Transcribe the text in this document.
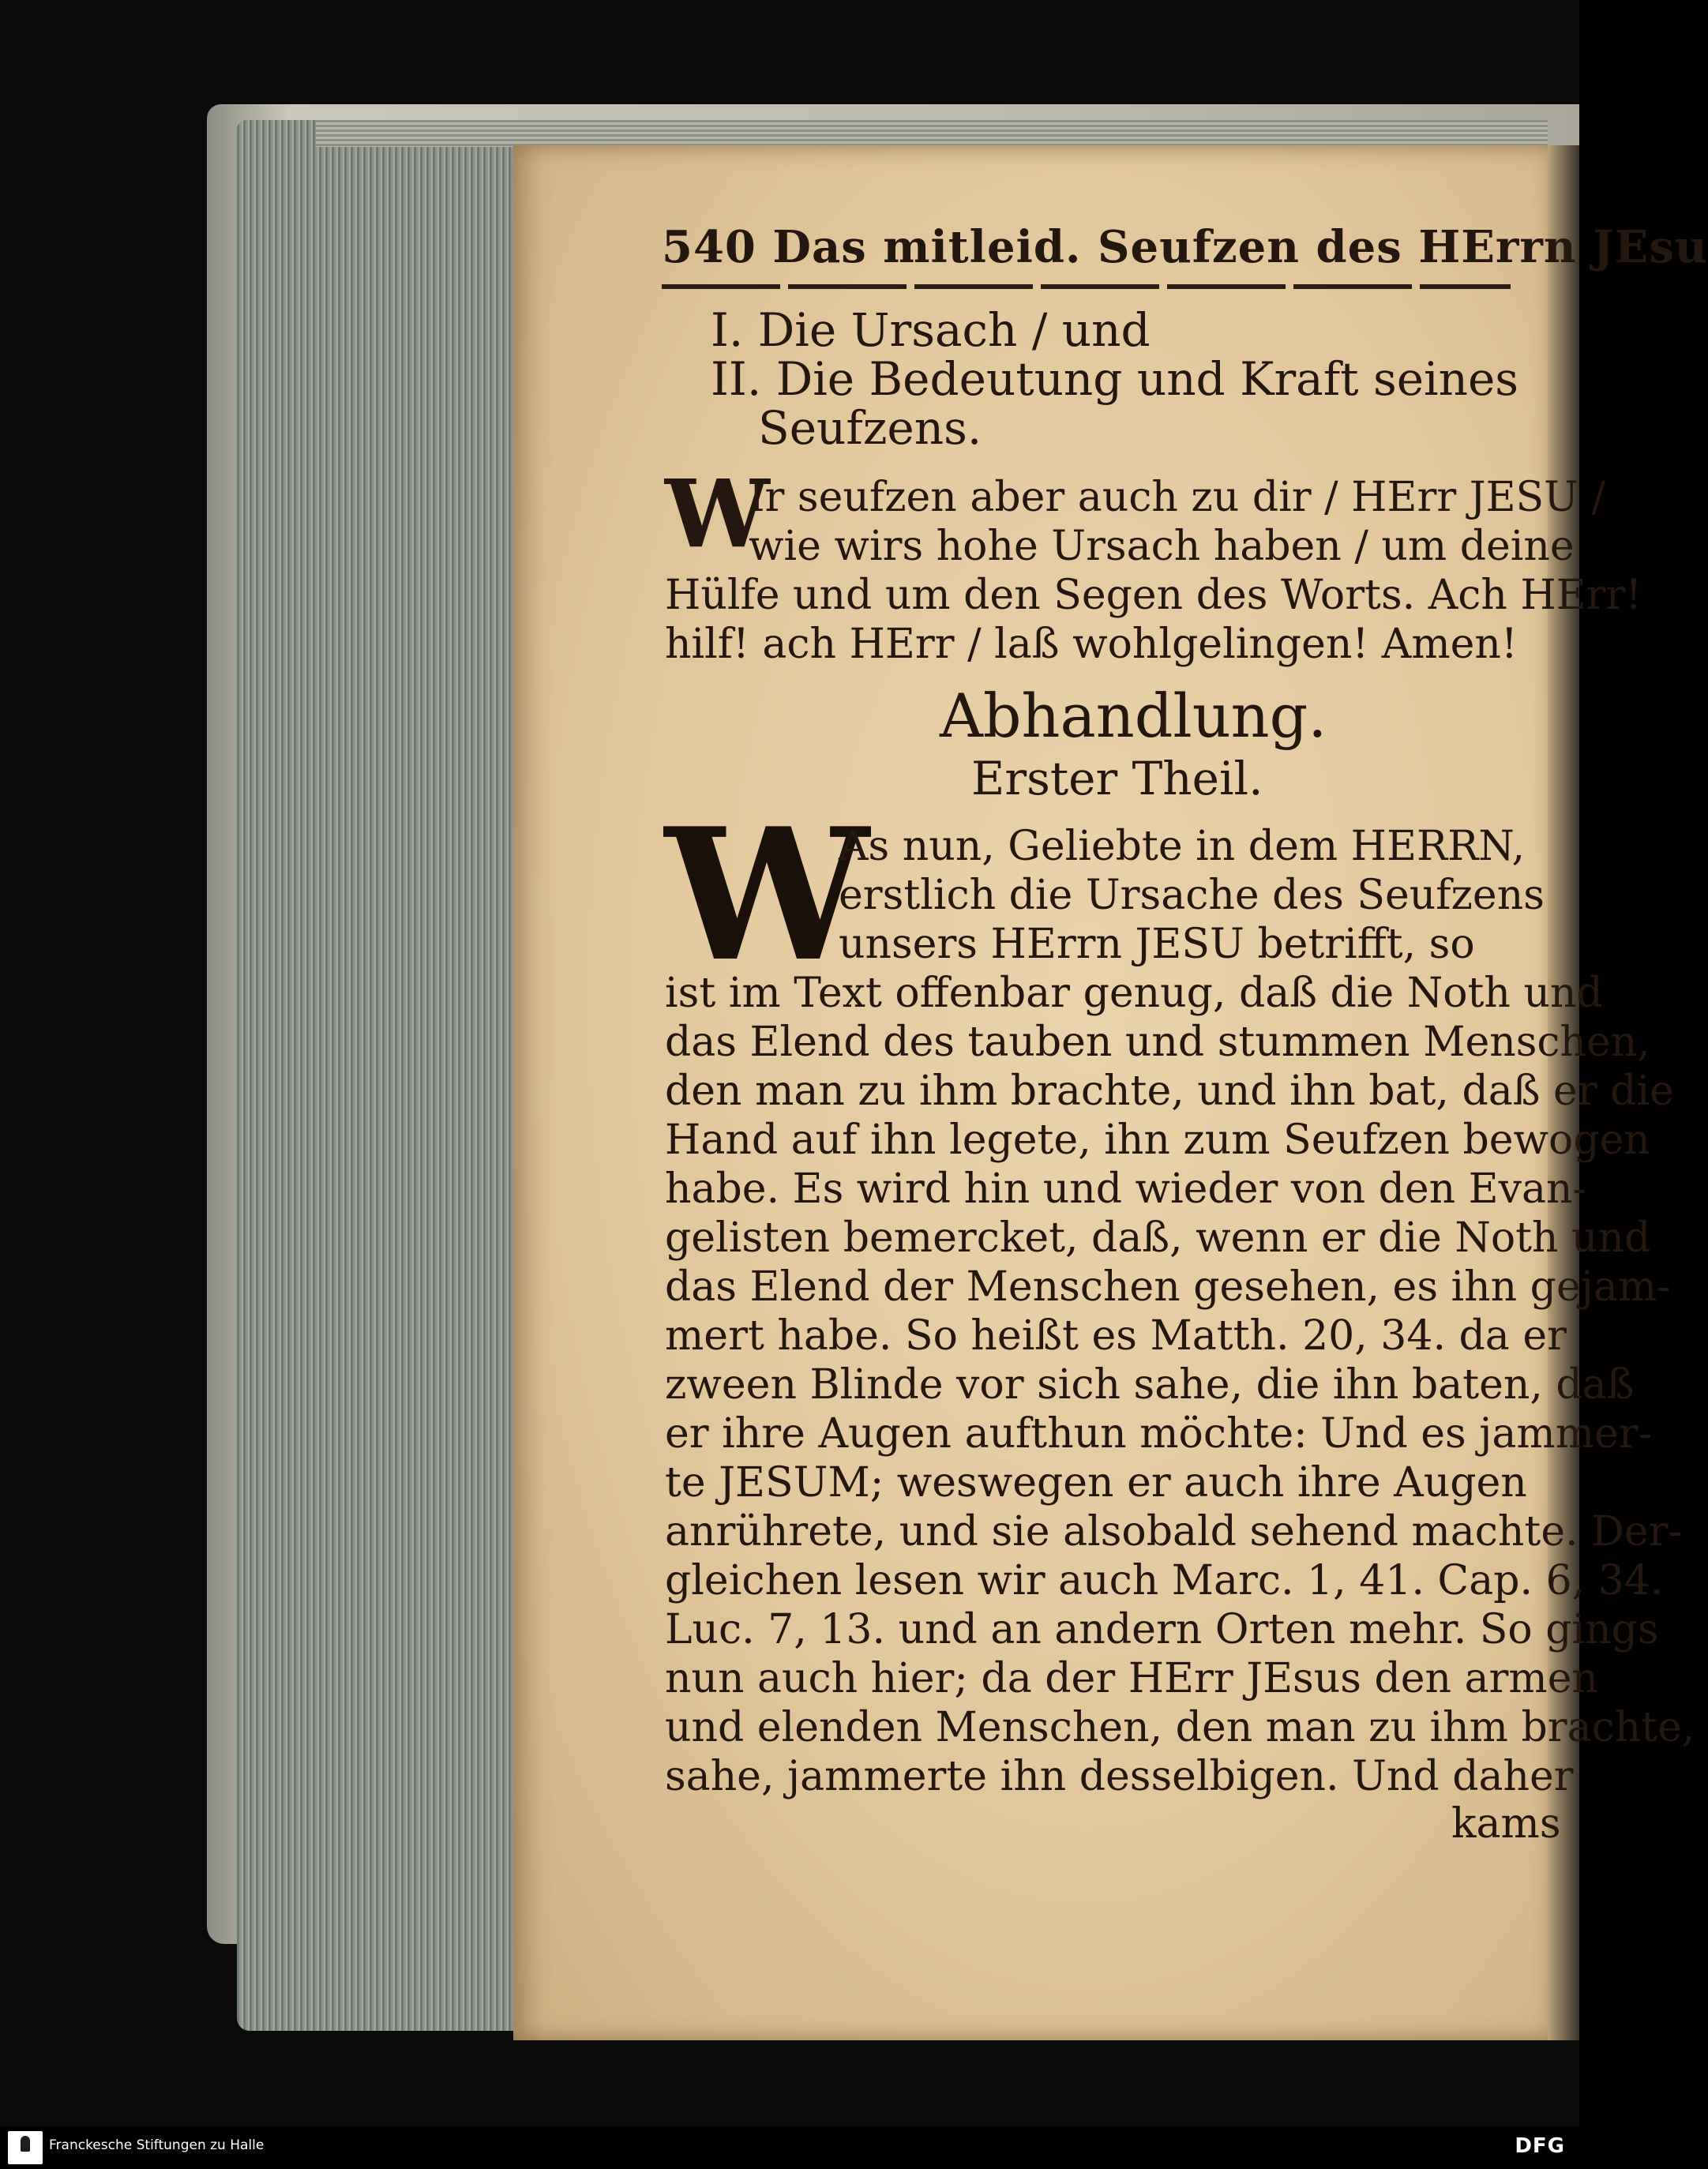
540 Das mitleid. Seufzen des HErrn JEsu
I. Die Ursach / und
II. Die Bedeutung und Kraft seines
Seufzens.
W
Ir seufzen aber auch zu dir / HErr JESU /
wie wirs hohe Ursach haben / um deine
Hülfe und um den Segen des Worts. Ach HErr!
hilf! ach HErr / laß wohlgelingen! Amen!
Abhandlung.
Erster Theil.
W
As nun, Geliebte in dem HERRN,
erstlich die Ursache des Seufzens
unsers HErrn JESU betrifft, so
ist im Text offenbar genug, daß die Noth und
das Elend des tauben und stummen Menschen,
den man zu ihm brachte, und ihn bat, daß er die
Hand auf ihn legete, ihn zum Seufzen bewogen
habe. Es wird hin und wieder von den Evan-
gelisten bemercket, daß, wenn er die Noth und
das Elend der Menschen gesehen, es ihn gejam-
mert habe. So heißt es Matth. 20, 34. da er
zween Blinde vor sich sahe, die ihn baten, daß
er ihre Augen aufthun möchte: Und es jammer-
te JESUM; weswegen er auch ihre Augen
anrührete, und sie alsobald sehend machte. Der-
gleichen lesen wir auch Marc. 1, 41. Cap. 6, 34.
Luc. 7, 13. und an andern Orten mehr. So gings
nun auch hier; da der HErr JEsus den armen
und elenden Menschen, den man zu ihm brachte,
sahe, jammerte ihn desselbigen. Und daher
kams
Franckesche Stiftungen zu Halle	DFG
